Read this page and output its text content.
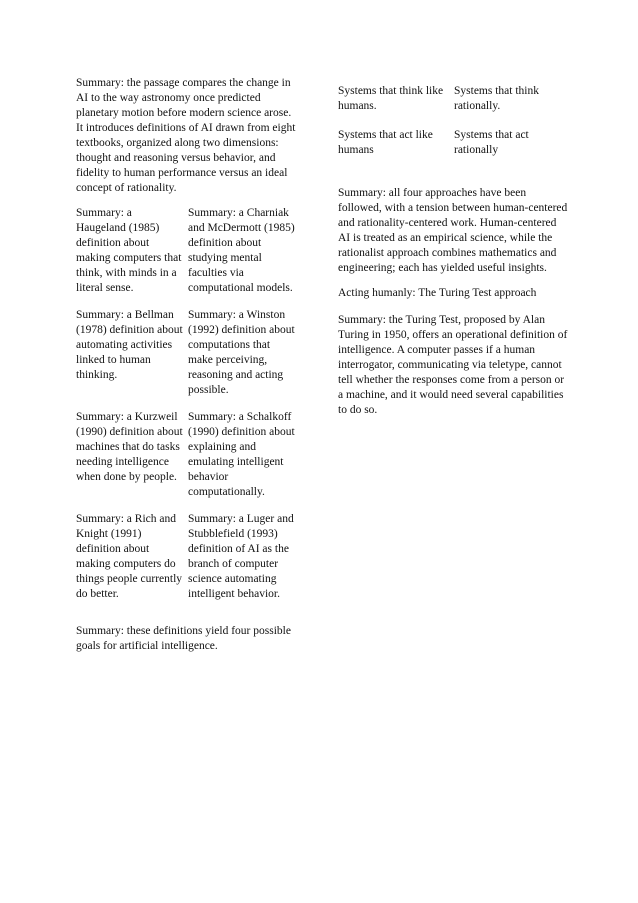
Summary: the passage compares the change in AI to the way astronomy once predicted planetary motion before modern science arose. It introduces definitions of AI drawn from eight textbooks, organized along two dimensions: thought and reasoning versus behavior, and fidelity to human performance versus an ideal concept of rationality.

Summary: a Haugeland (1985) definition about making computers that think, with minds in a literal sense.	Summary: a Charniak and McDermott (1985) definition about studying mental faculties via computational models.
Summary: a Bellman (1978) definition about automating activities linked to human thinking.	Summary: a Winston (1992) definition about computations that make perceiving, reasoning and acting possible.
Summary: a Kurzweil (1990) definition about machines that do tasks needing intelligence when done by people.	Summary: a Schalkoff (1990) definition about explaining and emulating intelligent behavior computationally.
Summary: a Rich and Knight (1991) definition about making computers do things people currently do better.	Summary: a Luger and Stubblefield (1993) definition of AI as the branch of computer science automating intelligent behavior.

Summary: these definitions yield four possible goals for artificial intelligence.

Systems that think like humans.	Systems that think rationally.
Systems that act like humans	Systems that act rationally

Summary: all four approaches have been followed, with a tension between human-centered and rationality-centered work. Human-centered AI is treated as an empirical science, while the rationalist approach combines mathematics and engineering; each has yielded useful insights.

Acting humanly: The Turing Test approach

Summary: the Turing Test, proposed by Alan Turing in 1950, offers an operational definition of intelligence. A computer passes if a human interrogator, communicating via teletype, cannot tell whether the responses come from a person or a machine, and it would need several capabilities to do so.
